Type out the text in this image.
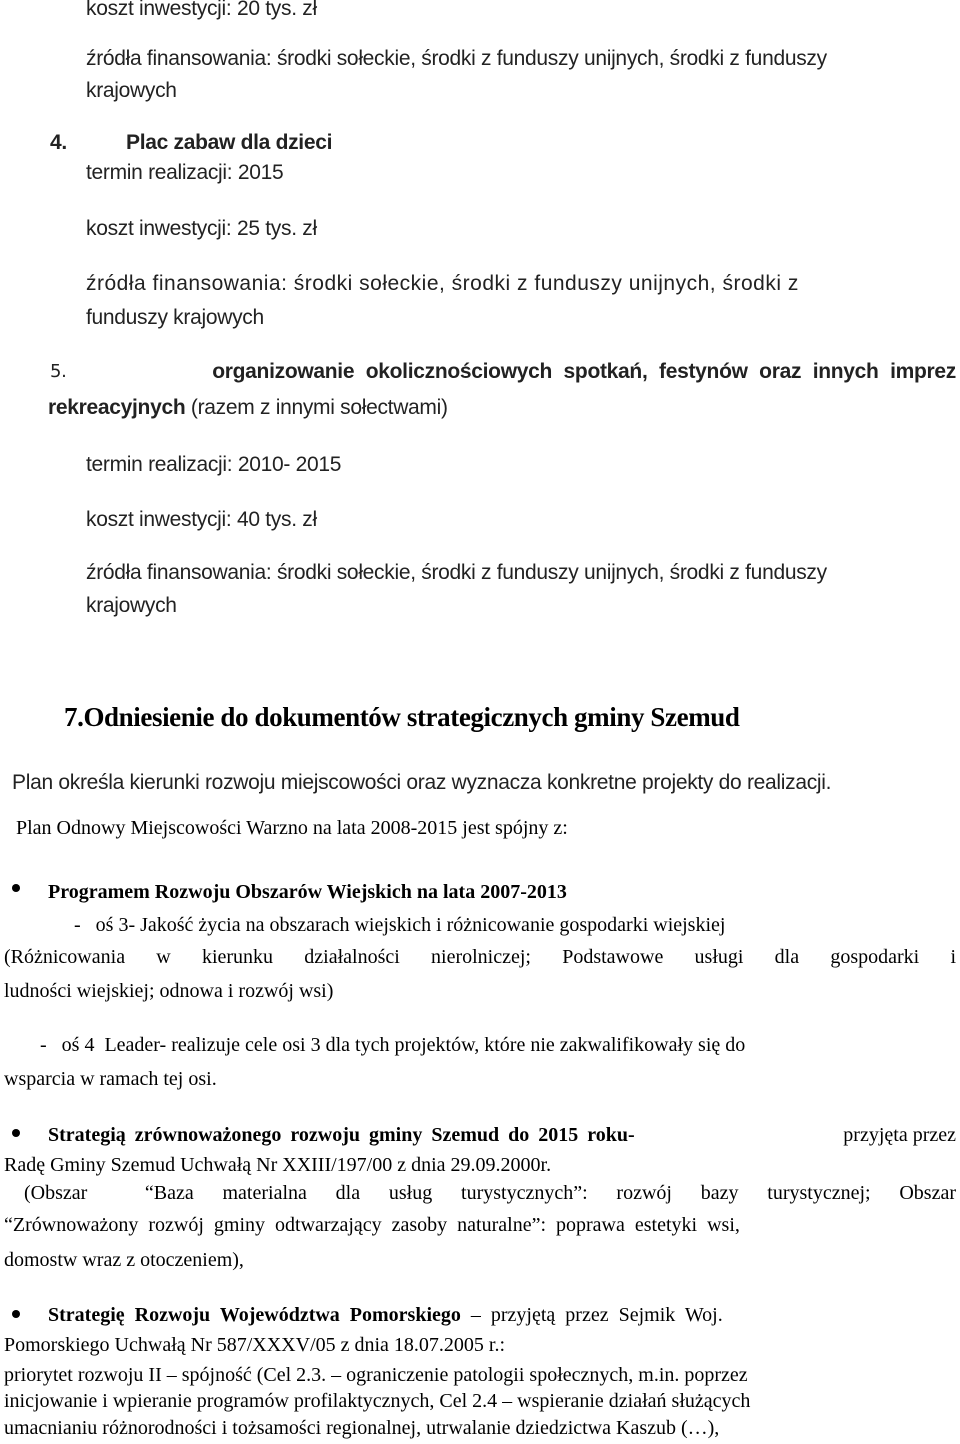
koszt inwestycji: 20 tys. zł
źródła finansowania: środki sołeckie, środki z funduszy unijnych, środki z funduszy
krajowych
4.	Plac zabaw dla dzieci
termin realizacji: 2015
koszt inwestycji: 25 tys. zł
źródła finansowania: środki sołeckie, środki z funduszy unijnych, środki z
funduszy krajowych
5.	organizowanie okolicznościowych spotkań, festynów oraz innych imprez
rekreacyjnych (razem z innymi sołectwami)
termin realizacji: 2010- 2015
koszt inwestycji: 40 tys. zł
źródła finansowania: środki sołeckie, środki z funduszy unijnych, środki z funduszy
krajowych
7.Odniesienie do dokumentów strategicznych gminy Szemud
Plan określa kierunki rozwoju miejscowości oraz wyznacza konkretne projekty do realizacji.
Plan Odnowy Miejscowości Warzno na lata 2008-2015 jest spójny z:
Programem Rozwoju Obszarów Wiejskich na lata 2007-2013
-   oś 3- Jakość życia na obszarach wiejskich i różnicowanie gospodarki wiejskiej
(Różnicowania w kierunku działalności nierolniczej; Podstawowe usługi dla gospodarki i
ludności wiejskiej; odnowa i rozwój wsi)
-   oś 4  Leader- realizuje cele osi 3 dla tych projektów, które nie zakwalifikowały się do
wsparcia w ramach tej osi.
Strategią zrównoważonego rozwoju gminy Szemud do 2015 roku-	przyjęta przez
Radę Gminy Szemud Uchwałą Nr XXIII/197/00 z dnia 29.09.2000r.
(Obszar  “Baza materialna dla usług turystycznych”: rozwój bazy turystycznej; Obszar
“Zrównoważony  rozwój  gminy  odtwarzający  zasoby  naturalne”:  poprawa  estetyki  wsi,
domostw wraz z otoczeniem),
Strategię  Rozwoju  Województwa  Pomorskiego  –  przyjętą  przez  Sejmik  Woj.
Pomorskiego Uchwałą Nr 587/XXXV/05 z dnia 18.07.2005 r.:
priorytet rozwoju II – spójność (Cel 2.3. – ograniczenie patologii społecznych, m.in. poprzez
inicjowanie i wpieranie programów profilaktycznych, Cel 2.4 – wspieranie działań służących
umacnianiu różnorodności i tożsamości regionalnej, utrwalanie dziedzictwa Kaszub (…),
